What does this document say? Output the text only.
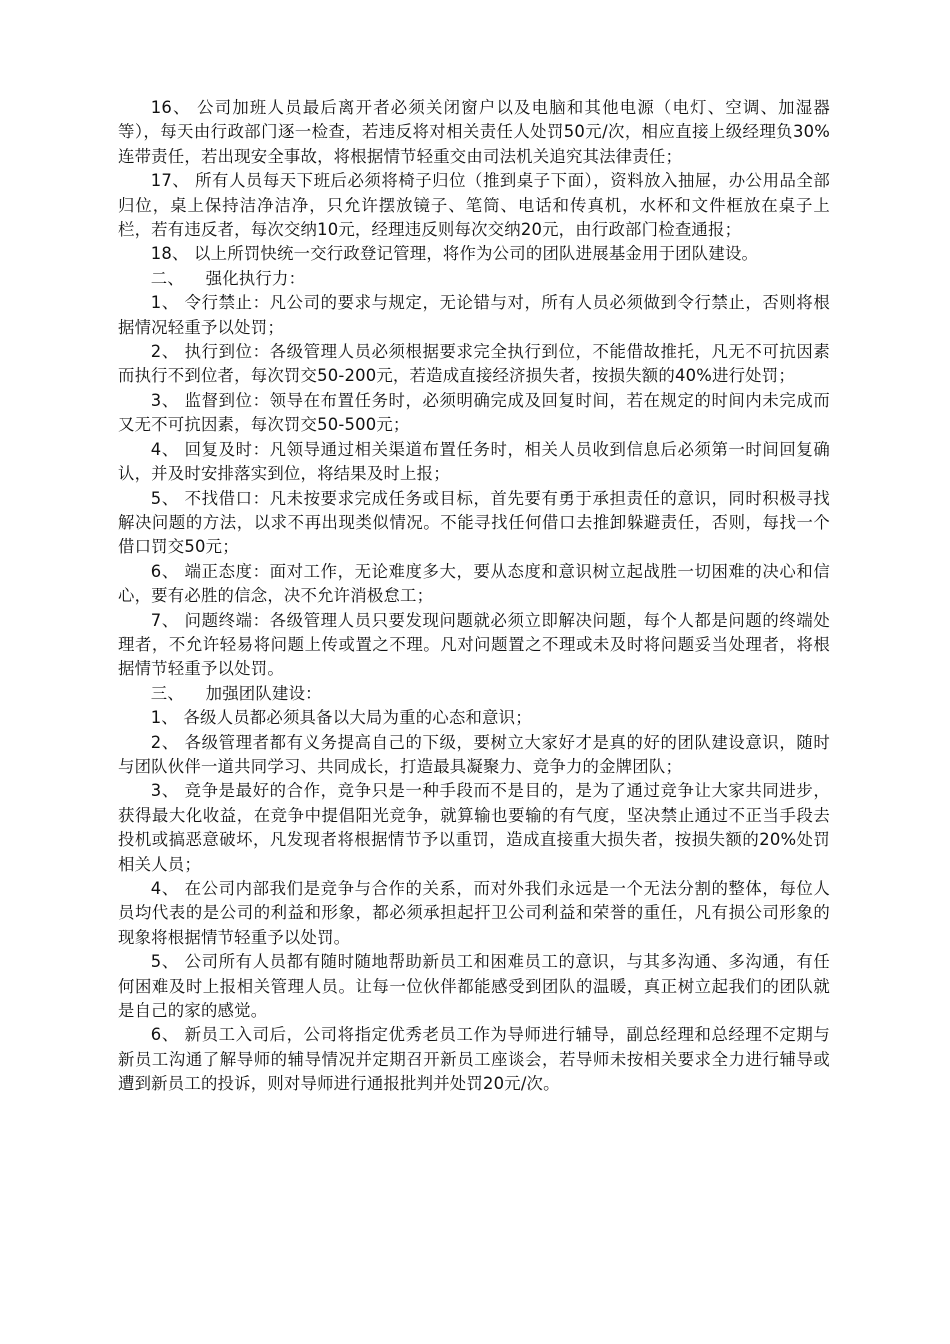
16、 公司加班人员最后离开者必须关闭窗户以及电脑和其他电源（电灯、空调、加湿器等），每天由行政部门逐一检查，若违反将对相关责任人处罚50元/次，相应直接上级经理负30%连带责任，若出现安全事故，将根据情节轻重交由司法机关追究其法律责任；

17、 所有人员每天下班后必须将椅子归位（推到桌子下面），资料放入抽屉，办公用品全部归位，桌上保持洁净洁净，只允许摆放镜子、笔筒、电话和传真机，水杯和文件框放在桌子上栏，若有违反者，每次交纳10元，经理违反则每次交纳20元，由行政部门检查通报；

18、 以上所罚快统一交行政登记管理，将作为公司的团队进展基金用于团队建设。

二、    强化执行力：

1、 令行禁止：凡公司的要求与规定，无论错与对，所有人员必须做到令行禁止，否则将根据情况轻重予以处罚；

2、 执行到位：各级管理人员必须根据要求完全执行到位，不能借故推托，凡无不可抗因素而执行不到位者，每次罚交50-200元，若造成直接经济损失者，按损失额的40%进行处罚；

3、 监督到位：领导在布置任务时，必须明确完成及回复时间，若在规定的时间内未完成而又无不可抗因素，每次罚交50-500元；

4、 回复及时：凡领导通过相关渠道布置任务时，相关人员收到信息后必须第一时间回复确认，并及时安排落实到位，将结果及时上报；

5、 不找借口：凡未按要求完成任务或目标，首先要有勇于承担责任的意识，同时积极寻找解决问题的方法，以求不再出现类似情况。不能寻找任何借口去推卸躲避责任，否则，每找一个借口罚交50元；

6、 端正态度：面对工作，无论难度多大，要从态度和意识树立起战胜一切困难的决心和信心，要有必胜的信念，决不允许消极怠工；

7、 问题终端：各级管理人员只要发现问题就必须立即解决问题，每个人都是问题的终端处理者，不允许轻易将问题上传或置之不理。凡对问题置之不理或未及时将问题妥当处理者，将根据情节轻重予以处罚。

三、    加强团队建设：

1、 各级人员都必须具备以大局为重的心态和意识；

2、 各级管理者都有义务提高自己的下级，要树立大家好才是真的好的团队建设意识，随时与团队伙伴一道共同学习、共同成长，打造最具凝聚力、竞争力的金牌团队；

3、 竞争是最好的合作，竞争只是一种手段而不是目的，是为了通过竞争让大家共同进步，获得最大化收益，在竞争中提倡阳光竞争，就算输也要输的有气度，坚决禁止通过不正当手段去投机或搞恶意破坏，凡发现者将根据情节予以重罚，造成直接重大损失者，按损失额的20%处罚相关人员；

4、 在公司内部我们是竞争与合作的关系，而对外我们永远是一个无法分割的整体，每位人员均代表的是公司的利益和形象，都必须承担起扞卫公司利益和荣誉的重任，凡有损公司形象的现象将根据情节轻重予以处罚。

5、 公司所有人员都有随时随地帮助新员工和困难员工的意识，与其多沟通、多沟通，有任何困难及时上报相关管理人员。让每一位伙伴都能感受到团队的温暖，真正树立起我们的团队就是自己的家的感觉。

6、 新员工入司后，公司将指定优秀老员工作为导师进行辅导，副总经理和总经理不定期与新员工沟通了解导师的辅导情况并定期召开新员工座谈会，若导师未按相关要求全力进行辅导或遭到新员工的投诉，则对导师进行通报批判并处罚20元/次。
